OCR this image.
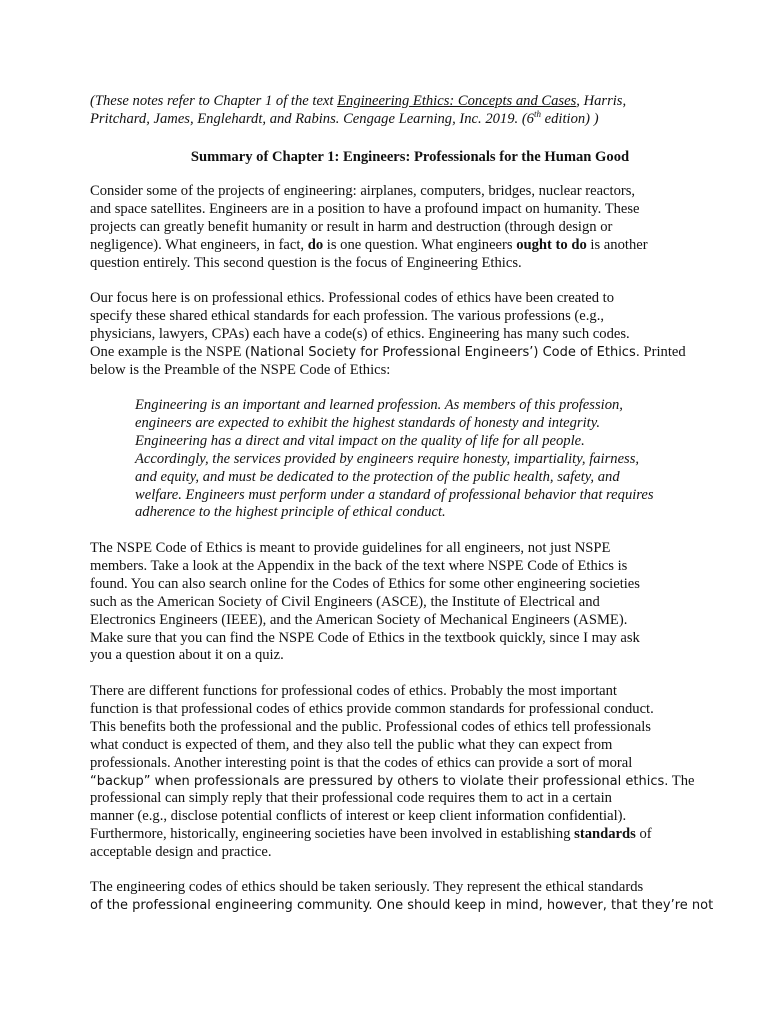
(These notes refer to Chapter 1 of the text Engineering Ethics: Concepts and Cases, Harris,
Pritchard, James, Englehardt, and Rabins. Cengage Learning, Inc. 2019. (6th edition) )

Summary of Chapter 1: Engineers: Professionals for the Human Good

Consider some of the projects of engineering: airplanes, computers, bridges, nuclear reactors,
and space satellites. Engineers are in a position to have a profound impact on humanity. These
projects can greatly benefit humanity or result in harm and destruction (through design or
negligence). What engineers, in fact, do is one question. What engineers ought to do is another
question entirely. This second question is the focus of Engineering Ethics.

Our focus here is on professional ethics. Professional codes of ethics have been created to
specify these shared ethical standards for each profession. The various professions (e.g.,
physicians, lawyers, CPAs) each have a code(s) of ethics. Engineering has many such codes.
One example is the NSPE (National Society for Professional Engineers’) Code of Ethics. Printed
below is the Preamble of the NSPE Code of Ethics:

Engineering is an important and learned profession. As members of this profession,
engineers are expected to exhibit the highest standards of honesty and integrity.
Engineering has a direct and vital impact on the quality of life for all people.
Accordingly, the services provided by engineers require honesty, impartiality, fairness,
and equity, and must be dedicated to the protection of the public health, safety, and
welfare. Engineers must perform under a standard of professional behavior that requires
adherence to the highest principle of ethical conduct.

The NSPE Code of Ethics is meant to provide guidelines for all engineers, not just NSPE
members. Take a look at the Appendix in the back of the text where NSPE Code of Ethics is
found. You can also search online for the Codes of Ethics for some other engineering societies
such as the American Society of Civil Engineers (ASCE), the Institute of Electrical and
Electronics Engineers (IEEE), and the American Society of Mechanical Engineers (ASME).
Make sure that you can find the NSPE Code of Ethics in the textbook quickly, since I may ask
you a question about it on a quiz.

There are different functions for professional codes of ethics. Probably the most important
function is that professional codes of ethics provide common standards for professional conduct.
This benefits both the professional and the public. Professional codes of ethics tell professionals
what conduct is expected of them, and they also tell the public what they can expect from
professionals. Another interesting point is that the codes of ethics can provide a sort of moral
“backup” when professionals are pressured by others to violate their professional ethics. The
professional can simply reply that their professional code requires them to act in a certain
manner (e.g., disclose potential conflicts of interest or keep client information confidential).
Furthermore, historically, engineering societies have been involved in establishing standards of
acceptable design and practice.

The engineering codes of ethics should be taken seriously. They represent the ethical standards
of the professional engineering community. One should keep in mind, however, that they’re not
